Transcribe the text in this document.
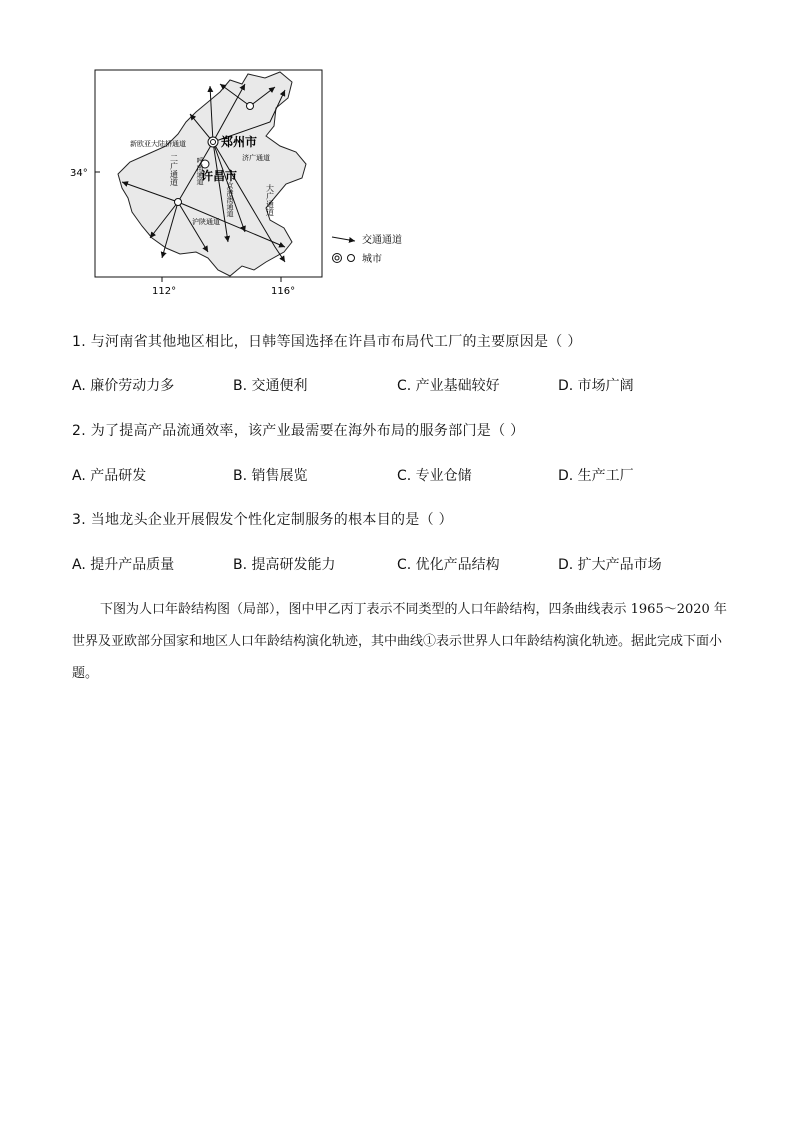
34°
112°	116°
郑州市
许昌市
新欧亚大陆桥通道
二广通道
京港澳通道
呼南通道
沪陕通道
大广通道
济广通道
交通通道
城市
1. 与河南省其他地区相比，日韩等国选择在许昌市布局代工厂的主要原因是（ ）
A. 廉价劳动力多	B. 交通便利	C. 产业基础较好	D. 市场广阔
2. 为了提高产品流通效率，该产业最需要在海外布局的服务部门是（ ）
A. 产品研发	B. 销售展览	C. 专业仓储	D. 生产工厂
3. 当地龙头企业开展假发个性化定制服务的根本目的是（ ）
A. 提升产品质量	B. 提高研发能力	C. 优化产品结构	D. 扩大产品市场
下图为人口年龄结构图（局部），图中甲乙丙丁表示不同类型的人口年龄结构，四条曲线表示 1965～2020 年世界及亚欧部分国家和地区人口年龄结构演化轨迹，其中曲线①表示世界人口年龄结构演化轨迹。据此完成下面小题。
